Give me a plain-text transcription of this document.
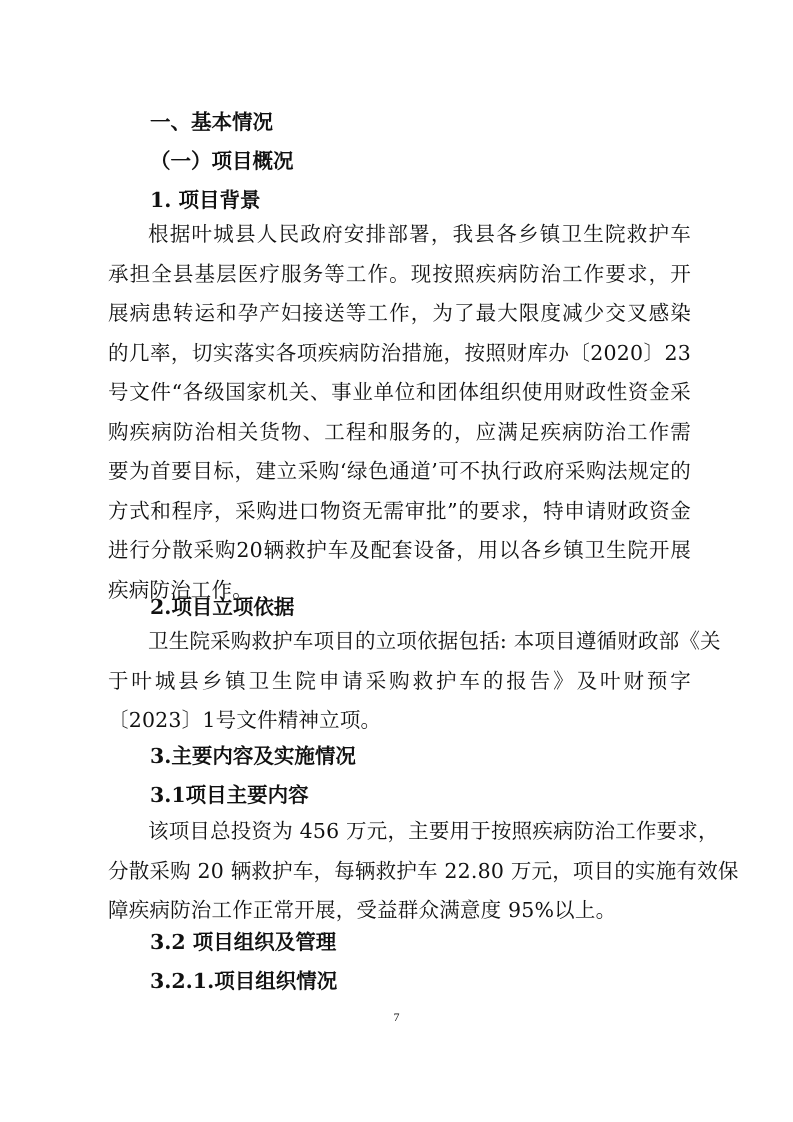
一、基本情况
（一）项目概况
1. 项目背景
根据叶城县人民政府安排部署，我县各乡镇卫生院救护车
承担全县基层医疗服务等工作。现按照疾病防治工作要求，开
展病患转运和孕产妇接送等工作，为了最大限度减少交叉感染
的几率，切实落实各项疾病防治措施，按照财库办〔2020〕23
号文件“各级国家机关、事业单位和团体组织使用财政性资金采
购疾病防治相关货物、工程和服务的，应满足疾病防治工作需
要为首要目标，建立采购‘绿色通道’可不执行政府采购法规定的
方式和程序，采购进口物资无需审批”的要求，特申请财政资金
进行分散采购20辆救护车及配套设备，用以各乡镇卫生院开展
疾病防治工作。
2.项目立项依据
卫生院采购救护车项目的立项依据包括: 本项目遵循财政部《关
于叶城县乡镇卫生院申请采购救护车的报告》及叶财预字
〔2023〕1号文件精神立项。
3.主要内容及实施情况
3.1项目主要内容
该项目总投资为 456 万元，主要用于按照疾病防治工作要求，
分散采购 20 辆救护车，每辆救护车 22.80 万元，项目的实施有效保
障疾病防治工作正常开展，受益群众满意度 95%以上。
3.2 项目组织及管理
3.2.1.项目组织情况
7
